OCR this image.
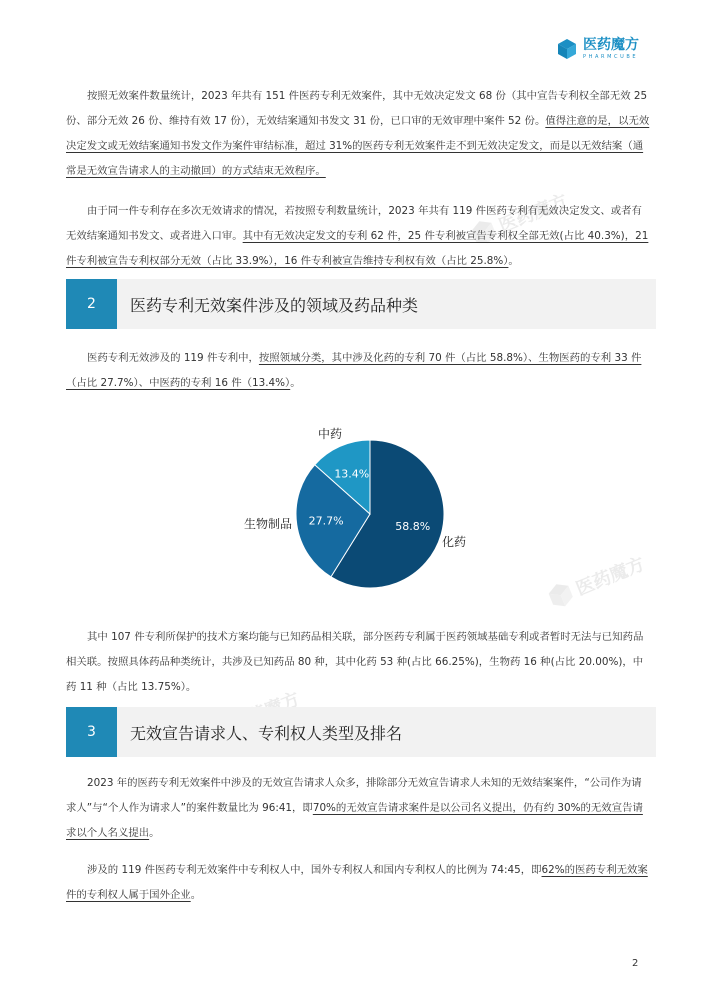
医药魔方
PHARMCUBE
医药魔方
医药魔方

按照无效案件数量统计，2023 年共有 151 件医药专利无效案件，其中无效决定发文 68 份（其中宣告专利权全部无效 25 份、部分无效 26 份、维持有效 17 份），无效结案通知书发文 31 份，已口审的无效审理中案件 52 份。值得注意的是，以无效决定发文或无效结案通知书发文作为案件审结标准，超过 31%的医药专利无效案件走不到无效决定发文，而是以无效结案（通常是无效宣告请求人的主动撤回）的方式结束无效程序。

由于同一件专利存在多次无效请求的情况，若按照专利数量统计，2023 年共有 119 件医药专利有无效决定发文、或者有无效结案通知书发文、或者进入口审。其中有无效决定发文的专利 62 件，25 件专利被宣告专利权全部无效(占比 40.3%)，21 件专利被宣告专利权部分无效（占比 33.9%），16 件专利被宣告维持专利权有效（占比 25.8%）。

2	医药专利无效案件涉及的领域及药品种类

医药专利无效涉及的 119 件专利中，按照领域分类，其中涉及化药的专利 70 件（占比 58.8%）、生物医药的专利 33 件（占比 27.7%）、中医药的专利 16 件（13.4%）。

58.8%
化药
27.7%
生物制品
13.4%
中药

其中 107 件专利所保护的技术方案均能与已知药品相关联，部分医药专利属于医药领域基础专利或者暂时无法与已知药品相关联。按照具体药品种类统计，共涉及已知药品 80 种，其中化药 53 种(占比 66.25%)，生物药 16 种(占比 20.00%)，中药 11 种（占比 13.75%）。

3	无效宣告请求人、专利权人类型及排名

2023 年的医药专利无效案件中涉及的无效宣告请求人众多，排除部分无效宣告请求人未知的无效结案案件，“公司作为请求人”与“个人作为请求人”的案件数量比为 96:41，即70%的无效宣告请求案件是以公司名义提出，仍有约 30%的无效宣告请求以个人名义提出。

涉及的 119 件医药专利无效案件中专利权人中，国外专利权人和国内专利权人的比例为 74:45，即62%的医药专利无效案件的专利权人属于国外企业。

2
